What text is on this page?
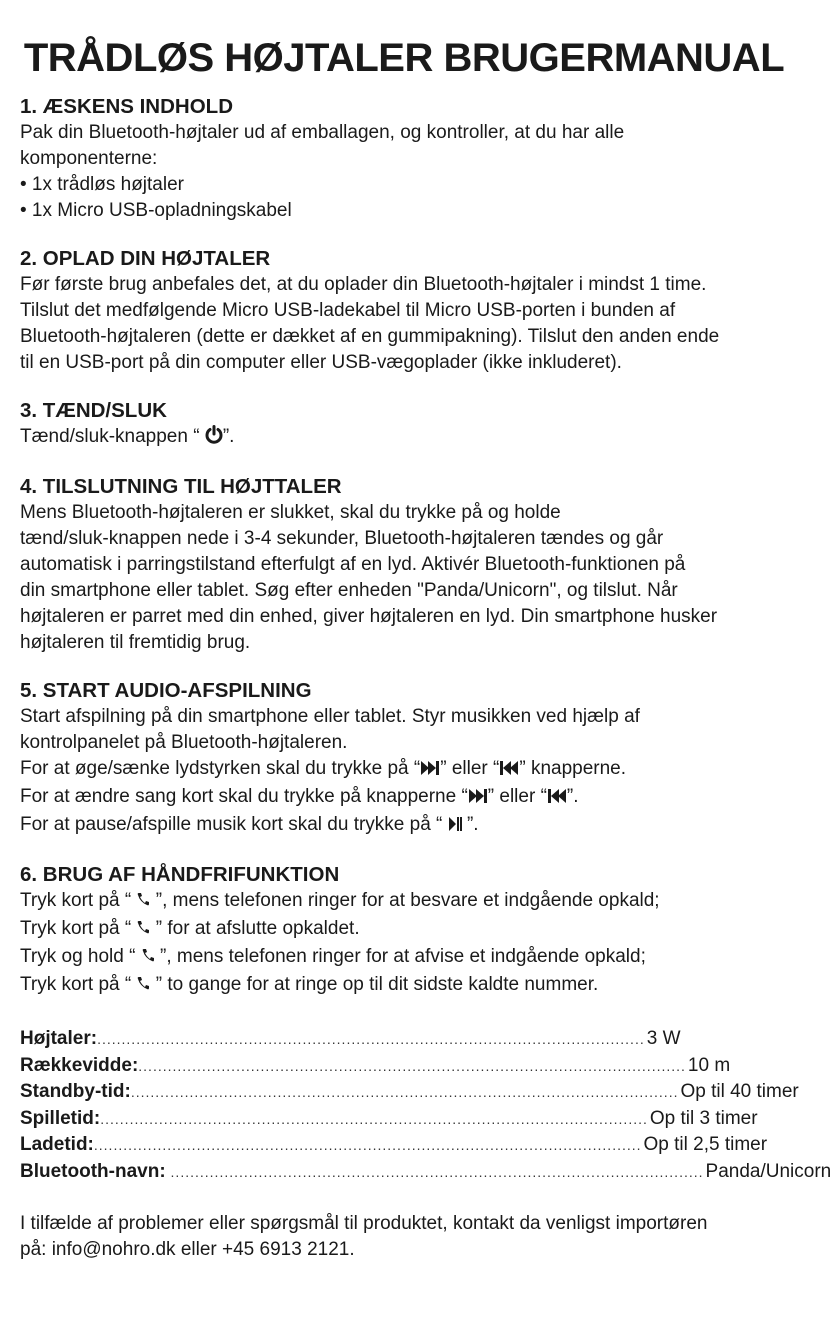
TRÅDLØS HØJTALER BRUGERMANUAL

1. ÆSKENS INDHOLD

Pak din Bluetooth-højtaler ud af emballagen, og kontroller, at du har alle

komponenterne:

• 1x trådløs højtaler

• 1x Micro USB-opladningskabel

2. OPLAD DIN HØJTALER

Før første brug anbefales det, at du oplader din Bluetooth-højtaler i mindst 1 time.

Tilslut det medfølgende Micro USB-ladekabel til Micro USB-porten i bunden af

Bluetooth-højtaleren (dette er dækket af en gummipakning). Tilslut den anden ende

til en USB-port på din computer eller USB-vægoplader (ikke inkluderet).

3. TÆND/SLUK

Tænd/sluk-knappen “ ”.

4. TILSLUTNING TIL HØJTTALER

Mens Bluetooth-højtaleren er slukket, skal du trykke på og holde

tænd/sluk-knappen nede i 3-4 sekunder, Bluetooth-højtaleren tændes og går

automatisk i parringstilstand efterfulgt af en lyd. Aktivér Bluetooth-funktionen på

din smartphone eller tablet. Søg efter enheden "Panda/Unicorn", og tilslut. Når

højtaleren er parret med din enhed, giver højtaleren en lyd. Din smartphone husker

højtaleren til fremtidig brug.

5. START AUDIO-AFSPILNING

Start afspilning på din smartphone eller tablet. Styr musikken ved hjælp af

kontrolpanelet på Bluetooth-højtaleren.

For at øge/sænke lydstyrken skal du trykke på “ ” eller “ ” knapperne.

For at ændre sang kort skal du trykke på knapperne “ ” eller “ ”.

For at pause/afspille musik kort skal du trykke på “  ”.

6. BRUG AF HÅNDFRIFUNKTION

Tryk kort på “  ”, mens telefonen ringer for at besvare et indgående opkald;

Tryk kort på “  ” for at afslutte opkaldet.

Tryk og hold “  ”, mens telefonen ringer for at afvise et indgående opkald;

Tryk kort på “  ” to gange for at ringe op til dit sidste kaldte nummer.

Højtaler: ................................................................................................................ 3 W
Rækkevidde: ................................................................................................................ 10 m
Standby-tid: ................................................................................................................ Op til 40 timer
Spilletid: ................................................................................................................ Op til 3 timer
Ladetid: ................................................................................................................ Op til 2,5 timer
Bluetooth-navn: ............................................................................................................. Panda/Unicorn

I tilfælde af problemer eller spørgsmål til produktet, kontakt da venligst importøren

på: info@nohro.dk eller +45 6913 2121.
